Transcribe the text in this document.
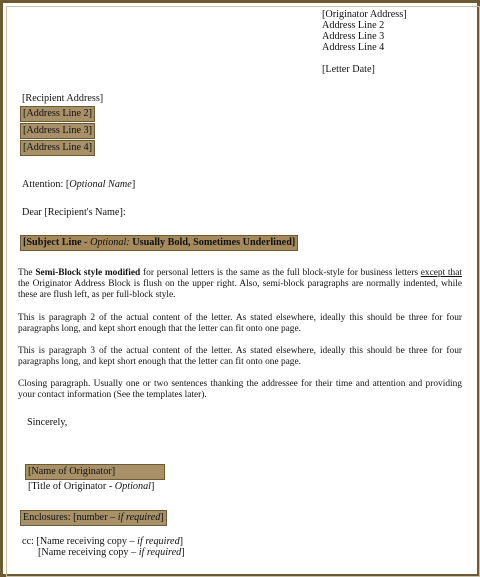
[Originator Address]
Address Line 2
Address Line 3
Address Line 4
[Letter Date]
[Recipient Address]
[Address Line 2]
[Address Line 3]
[Address Line 4]
Attention: [Optional Name]
Dear [Recipient's Name]:
[Subject Line - Optional: Usually Bold, Sometimes Underlined]
The Semi-Block style modified for personal letters is the same as the full block-style for business letters except that the Originator Address Block is flush on the upper right. Also, semi-block paragraphs are normally indented, while these are flush left, as per full-block style.
This is paragraph 2 of the actual content of the letter. As stated elsewhere, ideally this should be three for four paragraphs long, and kept short enough that the letter can fit onto one page.
This is paragraph 3 of the actual content of the letter. As stated elsewhere, ideally this should be three for four paragraphs long, and kept short enough that the letter can fit onto one page.
Closing paragraph. Usually one or two sentences thanking the addressee for their time and attention and providing your contact information (See the templates later).
Sincerely,
[Name of Originator]
[Title of Originator - Optional]
Enclosures: [number – if required]
cc: [Name receiving copy – if required]
[Name receiving copy – if required]
